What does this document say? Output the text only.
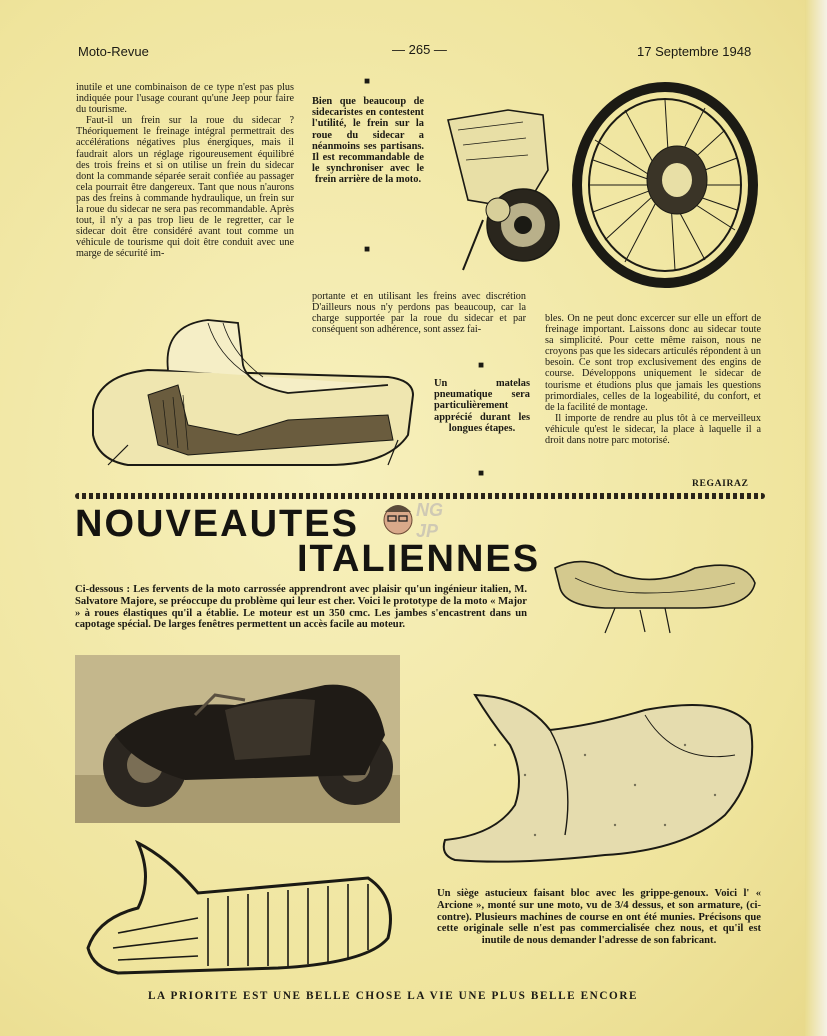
Moto-Revue	— 265 —	17 Septembre 1948

inutile et une combinaison de ce type n'est pas plus indiquée pour l'usage courant qu'une Jeep pour faire du tourisme.

Faut-il un frein sur la roue du sidecar ? Théoriquement le freinage intégral permettrait des accélérations négatives plus énergiques, mais il faudrait alors un réglage rigoureusement équilibré des trois freins et si on utilise un frein du sidecar dont la commande séparée serait confiée au passager cela pourrait être dangereux. Tant que nous n'aurons pas des freins à commande hydraulique, un frein sur la roue du sidecar ne sera pas recommandable. Après tout, il n'y a pas trop lieu de le regretter, car le sidecar doit être considéré avant tout comme un véhicule de tourisme qui doit être conduit avec une marge de sécurité im-

■
Bien que beaucoup de sidecaristes en contestent l'utilité, le frein sur la roue du sidecar a néanmoins ses partisans. Il est recommandable de le synchroniser avec le frein arrière de la moto.
■

portante et en utilisant les freins avec discrétion D'ailleurs nous n'y perdons pas beaucoup, car la charge supportée par la roue du sidecar et par conséquent son adhérence, sont assez fai-

■
Un matelas pneumatique sera particulièrement apprécié durant les longues étapes.
■

bles. On ne peut donc excercer sur elle un effort de freinage important. Laissons donc au sidecar toute sa simplicité. Pour cette même raison, nous ne croyons pas que les sidecars articulés répondent à un besoin. Ce sont trop exclusivement des engins de course. Développons uniquement le sidecar de tourisme et étudions plus que jamais les questions primordiales, celles de la logeabilité, du confort, et de la facilité de montage.

Il importe de rendre au plus tôt à ce merveilleux véhicule qu'est le sidecar, la place à laquelle il a droit dans notre parc motorisé.

REGAIRAZ
NOUVEAUTES
ITALIENNES
NG JP
Ci-dessous : Les fervents de la moto carrossée apprendront avec plaisir qu'un ingénieur italien, M. Salvatore Majore, se préoccupe du problème qui leur est cher. Voici le prototype de la moto « Major » à roues élastiques qu'il a établie. Le moteur est un 350 cmc. Les jambes s'encastrent dans un capotage spécial. De larges fenêtres permettent un accès facile au moteur.
Un siège astucieux faisant bloc avec les grippe-genoux. Voici l' « Arcione », monté sur une moto, vu de 3/4 dessus, et son armature, (ci-contre). Plusieurs machines de course en ont été munies. Précisons que cette originale selle n'est pas commercialisée chez nous, et qu'il est inutile de nous demander l'adresse de son fabricant.
LA PRIORITE EST UNE BELLE CHOSE LA VIE UNE PLUS BELLE ENCORE
